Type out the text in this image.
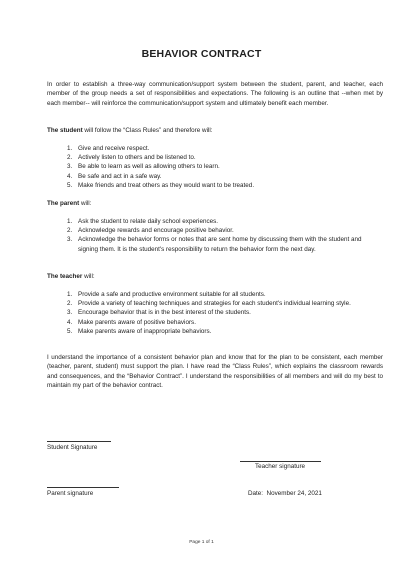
BEHAVIOR CONTRACT

In order to establish a three-way communication/support system between the student, parent, and teacher, each member of the group needs a set of responsibilities and expectations. The following is an outline that --when met by each member-- will reinforce the communication/support system and ultimately benefit each member.

The student will follow the “Class Rules” and therefore will:

1. Give and receive respect.
2. Actively listen to others and be listened to.
3. Be able to learn as well as allowing others to learn.
4. Be safe and act in a safe way.
5. Make friends and treat others as they would want to be treated.

The parent will:

1. Ask the student to relate daily school experiences.
2. Acknowledge rewards and encourage positive behavior.
3. Acknowledge the behavior forms or notes that are sent home by discussing them with the student and signing them. It is the student's responsibility to return the behavior form the next day.

The teacher will:

1. Provide a safe and productive environment suitable for all students.
2. Provide a variety of teaching techniques and strategies for each student's individual learning style.
3. Encourage behavior that is in the best interest of the students.
4. Make parents aware of positive behaviors.
5. Make parents aware of inappropriate behaviors.

I understand the importance of a consistent behavior plan and know that for the plan to be consistent, each member (teacher, parent, student) must support the plan. I have read the “Class Rules”, which explains the classroom rewards and consequences, and the “Behavior Contract”. I understand the responsibilities of all members and will do my best to maintain my part of the behavior contract.

Student Signature
Teacher signature
Parent signature	Date:  November 24, 2021
Page 1 of 1
